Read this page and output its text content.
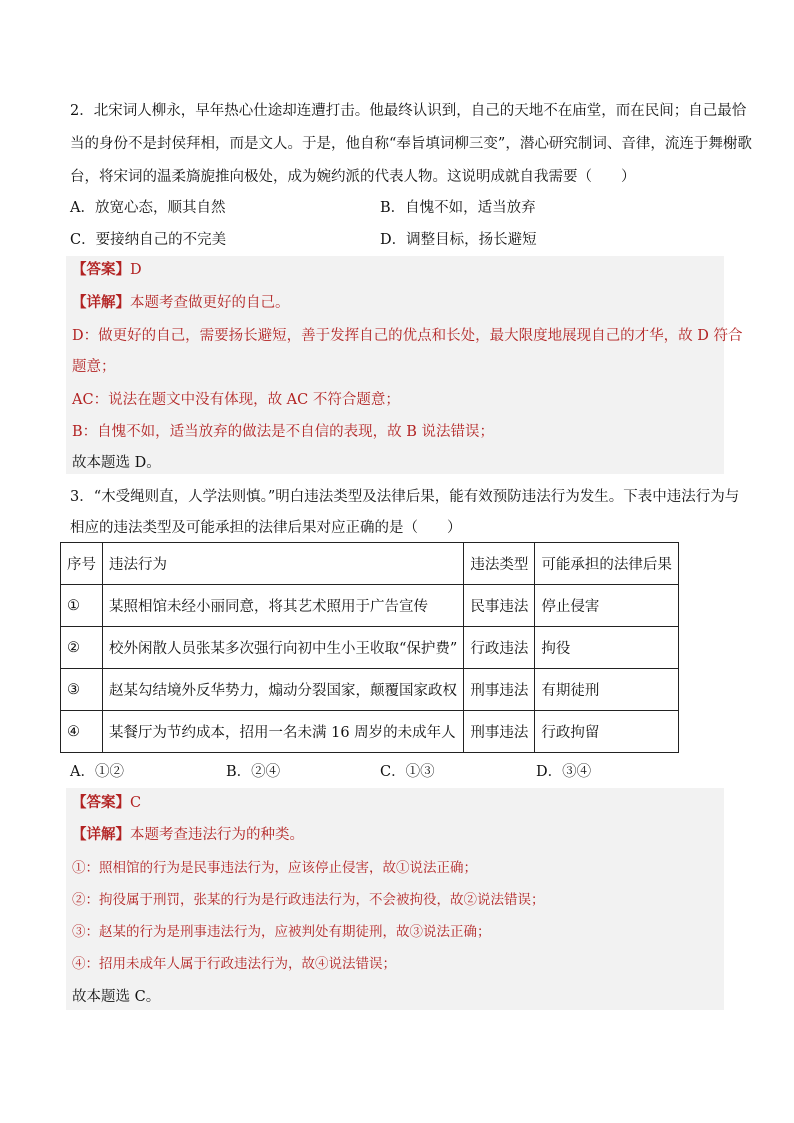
2．北宋词人柳永，早年热心仕途却连遭打击。他最终认识到，自己的天地不在庙堂，而在民间；自己最恰
当的身份不是封侯拜相，而是文人。于是，他自称“奉旨填词柳三变”，潜心研究制词、音律，流连于舞榭歌
台，将宋词的温柔旖旎推向极处，成为婉约派的代表人物。这说明成就自我需要（　　）
A．放宽心态，顺其自然	B．自愧不如，适当放弃
C．要接纳自己的不完美	D．调整目标，扬长避短
【答案】D
【详解】本题考查做更好的自己。
D：做更好的自己，需要扬长避短，善于发挥自己的优点和长处，最大限度地展现自己的才华，故 D 符合
题意；
AC：说法在题文中没有体现，故 AC 不符合题意；
B：自愧不如，适当放弃的做法是不自信的表现，故 B 说法错误；
故本题选 D。
3．“木受绳则直，人学法则慎。”明白违法类型及法律后果，能有效预防违法行为发生。下表中违法行为与
相应的违法类型及可能承担的法律后果对应正确的是（　　）
序号	违法行为	违法类型	可能承担的法律后果
①	某照相馆未经小丽同意，将其艺术照用于广告宣传	民事违法	停止侵害
②	校外闲散人员张某多次强行向初中生小王收取“保护费”	行政违法	拘役
③	赵某勾结境外反华势力，煽动分裂国家，颠覆国家政权	刑事违法	有期徒刑
④	某餐厅为节约成本，招用一名未满 16 周岁的未成年人	刑事违法	行政拘留
A．①②	B．②④	C．①③	D．③④
【答案】C
【详解】本题考查违法行为的种类。
①：照相馆的行为是民事违法行为，应该停止侵害，故①说法正确；
②：拘役属于刑罚，张某的行为是行政违法行为，不会被拘役，故②说法错误；
③：赵某的行为是刑事违法行为，应被判处有期徒刑，故③说法正确；
④：招用未成年人属于行政违法行为，故④说法错误；
故本题选 C。
